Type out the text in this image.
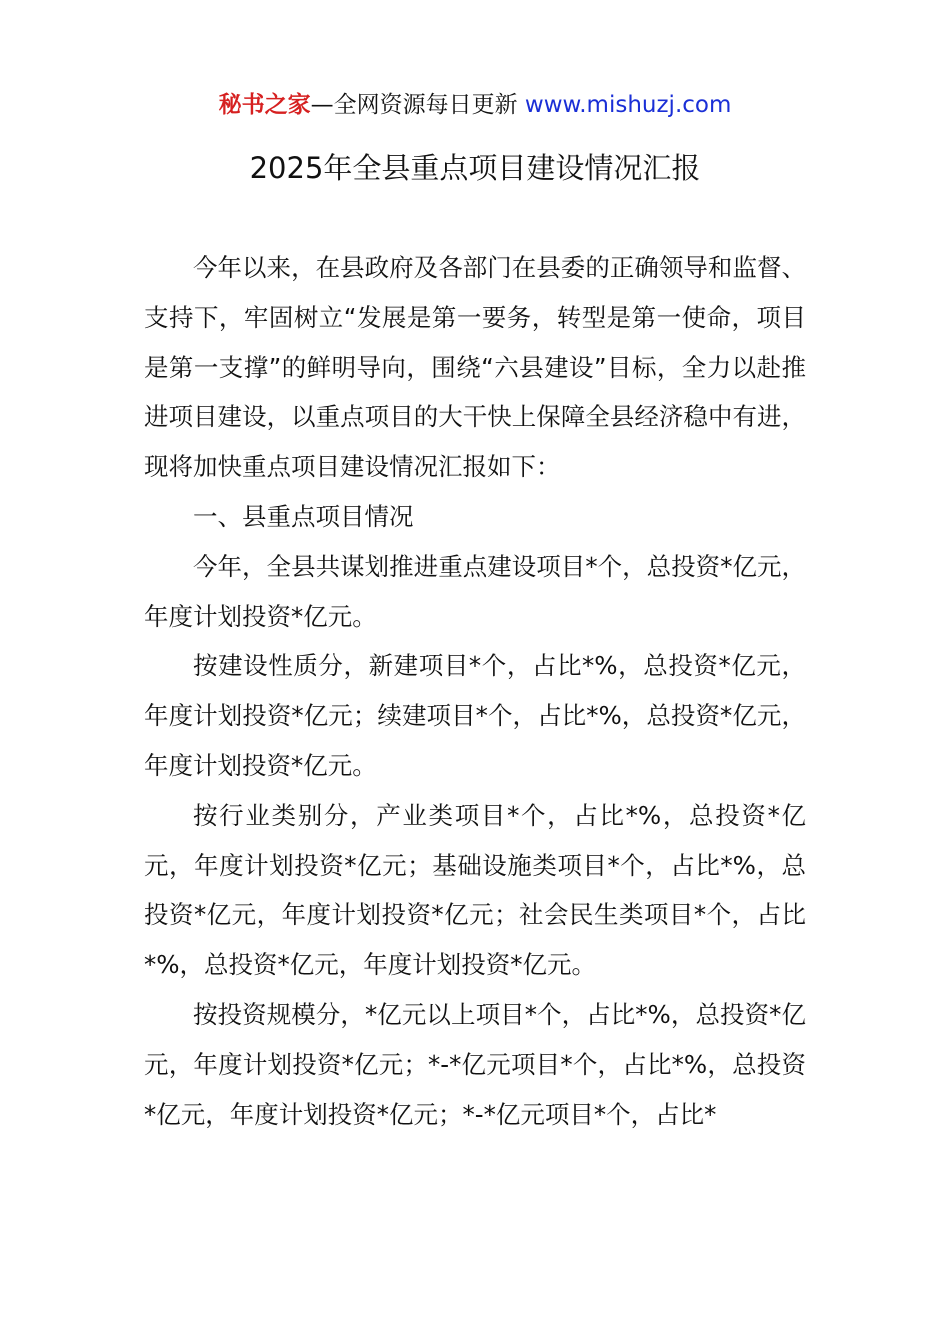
秘书之家—全网资源每日更新 www.mishuzj.com
2025年全县重点项目建设情况汇报

今年以来，在县政府及各部门在县委的正确领导和监督、支持下，牢固树立“发展是第一要务，转型是第一使命，项目是第一支撑”的鲜明导向，围绕“六县建设”目标，全力以赴推进项目建设，以重点项目的大干快上保障全县经济稳中有进，现将加快重点项目建设情况汇报如下：

一、县重点项目情况

今年，全县共谋划推进重点建设项目*个，总投资*亿元，年度计划投资*亿元。

按建设性质分，新建项目*个，占比*%，总投资*亿元，年度计划投资*亿元；续建项目*个，占比*%，总投资*亿元，年度计划投资*亿元。

按行业类别分，产业类项目*个，占比*%，总投资*亿元，年度计划投资*亿元；基础设施类项目*个，占比*%，总投资*亿元，年度计划投资*亿元；社会民生类项目*个，占比*%，总投资*亿元，年度计划投资*亿元。

按投资规模分，*亿元以上项目*个，占比*%，总投资*亿元，年度计划投资*亿元；*-*亿元项目*个，占比*%，总投资*亿元，年度计划投资*亿元；*-*亿元项目*个，占比*
